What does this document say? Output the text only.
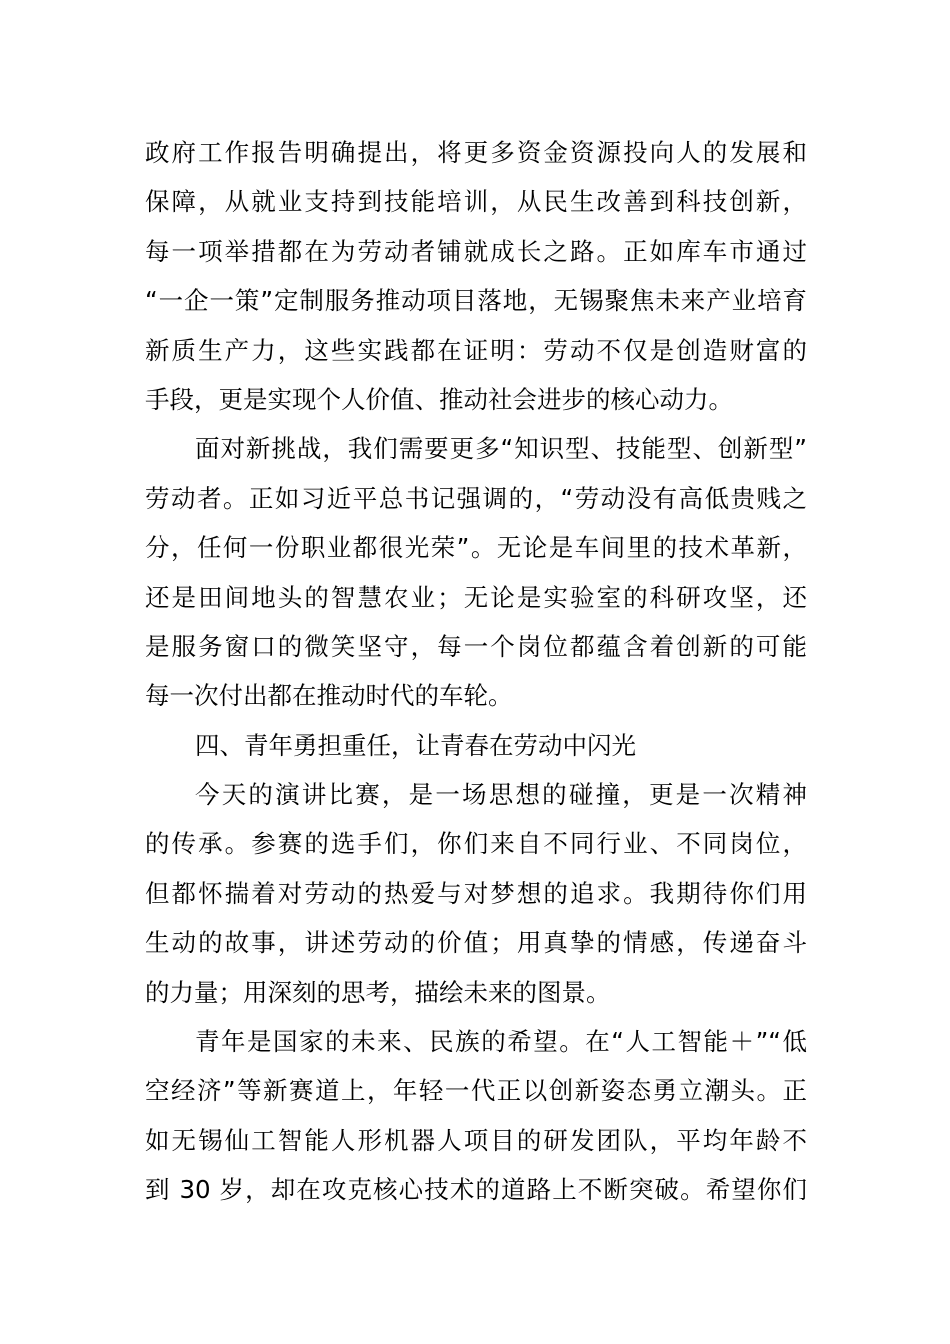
政府工作报告明确提出，将更多资金资源投向人的发展和
保障，从就业支持到技能培训，从民生改善到科技创新，
每一项举措都在为劳动者铺就成长之路。正如库车市通过
“一企一策”定制服务推动项目落地，无锡聚焦未来产业培育
新质生产力，这些实践都在证明：劳动不仅是创造财富的
手段，更是实现个人价值、推动社会进步的核心动力。
面对新挑战，我们需要更多“知识型、技能型、创新型”
劳动者。正如习近平总书记强调的，“劳动没有高低贵贱之
分，任何一份职业都很光荣”。无论是车间里的技术革新，
还是田间地头的智慧农业；无论是实验室的科研攻坚，还
是服务窗口的微笑坚守，每一个岗位都蕴含着创新的可能
每一次付出都在推动时代的车轮。
四、青年勇担重任，让青春在劳动中闪光
今天的演讲比赛，是一场思想的碰撞，更是一次精神
的传承。参赛的选手们，你们来自不同行业、不同岗位，
但都怀揣着对劳动的热爱与对梦想的追求。我期待你们用
生动的故事，讲述劳动的价值；用真挚的情感，传递奋斗
的力量；用深刻的思考，描绘未来的图景。
青年是国家的未来、民族的希望。在“人工智能＋”“低
空经济”等新赛道上，年轻一代正以创新姿态勇立潮头。正
如无锡仙工智能人形机器人项目的研发团队，平均年龄不
到 30 岁，却在攻克核心技术的道路上不断突破。希望你们
